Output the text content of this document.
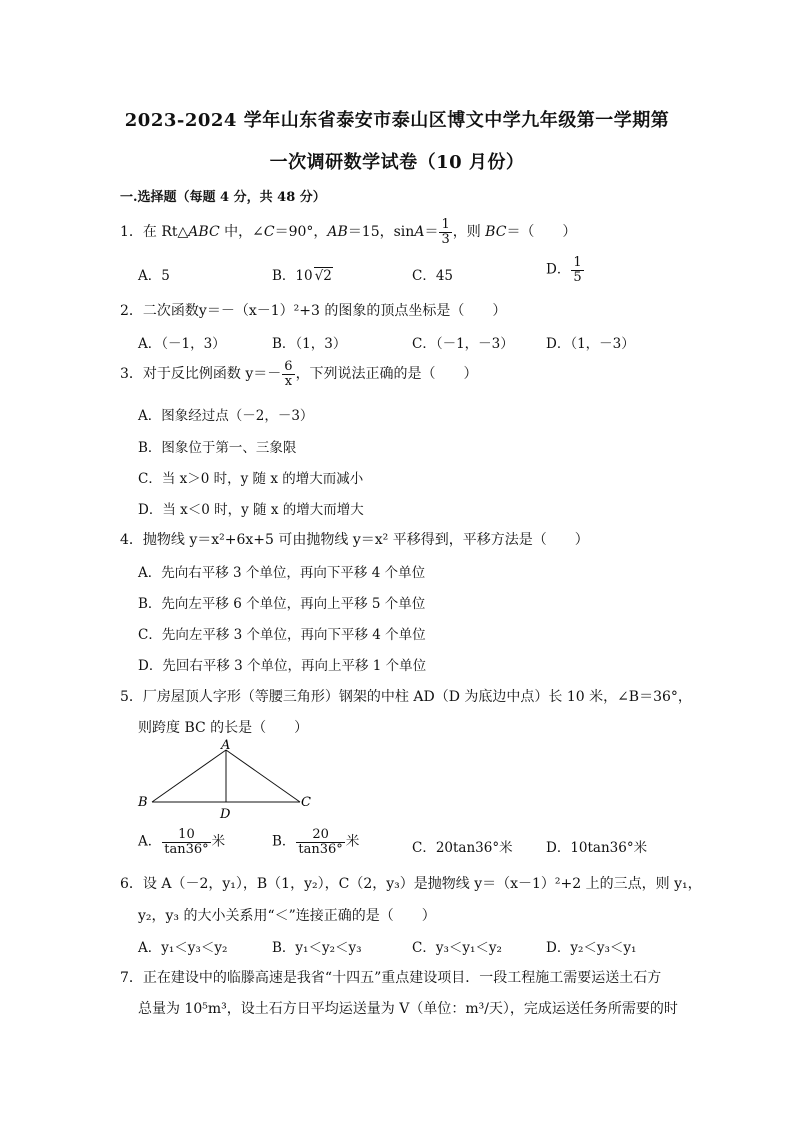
2023-2024 学年山东省泰安市泰山区博文中学九年级第一学期第
一次调研数学试卷（10 月份）
一.选择题（每题 4 分，共 48 分）
1．在 Rt△ABC 中，∠C＝90°，AB＝15，$\sin A= \frac{1}{3}$ ，则 BC＝（　　）
A．5	B．10 √2	C．45	D． $\frac{1}{5}$
2．二次函数y＝－（x－1）²+3 的图象的顶点坐标是（　　）
A．（－1，3）	B．（1，3）	C．（－1，－3） D．（1，－3）
3．对于反比例函数 $y=- \frac{6}{x}$ ，下列说法正确的是（　　）
A．图象经过点（－2，－3）
B．图象位于第一、三象限
C．当 x＞0 时，y 随 x 的增大而减小
D．当 x＜0 时，y 随 x 的增大而增大
4．抛物线 y＝x²+6x+5 可由抛物线 y＝x² 平移得到，平移方法是（　　）
A．先向右平移 3 个单位，再向下平移 4 个单位
B．先向左平移 6 个单位，再向上平移 5 个单位
C．先向左平移 3 个单位，再向下平移 4 个单位
D．先回右平移 3 个单位，再向上平移 1 个单位
5．厂房屋顶人字形（等腰三角形）钢架的中柱 AD（D 为底边中点）长 10 米，∠B＝36°，
则跨度 BC 的长是（　　）
A
B	C
D
A． $\frac{10}{\tan 36^\circ}$ 米	B． $\frac{20}{\tan 36^\circ}$ 米	C．20tan36°米 D．10tan36°米
6．设 A（－2，y₁），B（1，y₂），C（2，y₃）是抛物线 y＝（x－1）²+2 上的三点，则 y₁，
y₂，y₃ 的大小关系用“＜”连接正确的是（　　）
A．y₁＜y₃＜y₂	B．y₁＜y₂＜y₃	C．y₃＜y₁＜y₂	D．y₂＜y₃＜y₁
7．正在建设中的临滕高速是我省“十四五”重点建设项目．一段工程施工需要运送土石方
总量为 10⁵m³，设土石方日平均运送量为 V（单位：m³/天），完成运送任务所需要的时
